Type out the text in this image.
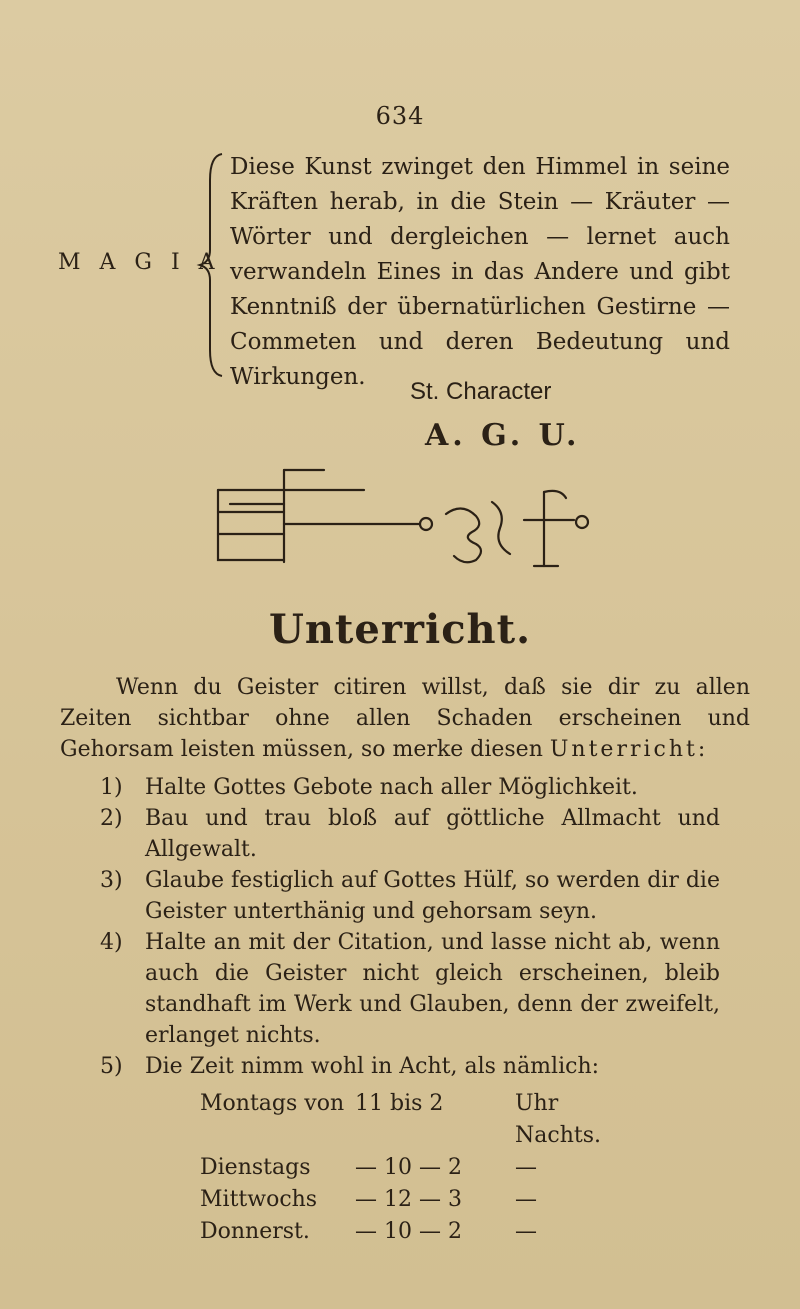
634
M A G I A
Diese Kunst zwinget den Himmel in seine Kräften herab, in die Stein — Kräuter — Wörter und dergleichen — lernet auch verwandeln Eines in das Andere und gibt Kenntniß der übernatürlichen Gestirne — Commeten und deren Bedeutung und Wirkungen.
St. Character
A. G. U.
Unterricht.
Wenn du Geister citiren willst, daß sie dir zu allen Zeiten sichtbar ohne allen Schaden erscheinen und Gehorsam leisten müssen, so merke diesen Unterricht:
1)	Halte Gottes Gebote nach aller Möglichkeit.
2)	Bau und trau bloß auf göttliche Allmacht und Allgewalt.
3)	Glaube festiglich auf Gottes Hülf, so werden dir die Geister unterthänig und gehorsam seyn.
4)	Halte an mit der Citation, und lasse nicht ab, wenn auch die Geister nicht gleich erscheinen, bleib standhaft im Werk und Glauben, denn der zweifelt, erlanget nichts.
5)	Die Zeit nimm wohl in Acht, als nämlich:
Montags von 11 bis 2	Uhr Nachts.
Dienstags	— 10 — 2	—
Mittwochs	— 12 — 3	—
Donnerst.	— 10 — 2	—
